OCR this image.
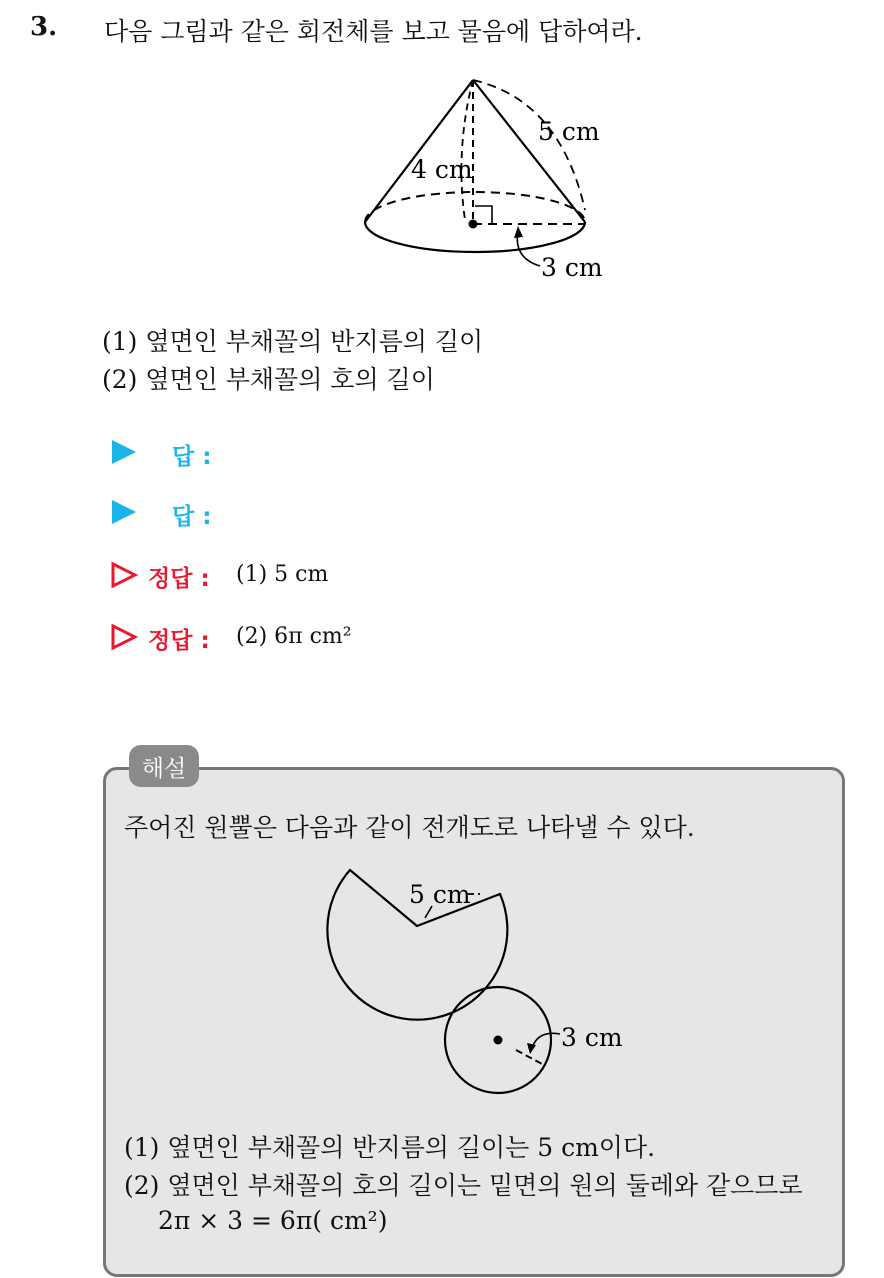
3. 다음 그림과 같은 회전체를 보고 물음에 답하여라.
5 cm
4 cm
3 cm
(1) 옆면인 부채꼴의 반지름의 길이
(2) 옆면인 부채꼴의 호의 길이
답 :
답 :
정답 : (1) 5 cm
정답 : (2) 6π cm²
해설
주어진 원뿔은 다음과 같이 전개도로 나타낼 수 있다.
5 cm
3 cm
(1) 옆면인 부채꼴의 반지름의 길이는 5 cm이다.
(2) 옆면인 부채꼴의 호의 길이는 밑면의 원의 둘레와 같으므로
2π × 3 = 6π( cm²)
